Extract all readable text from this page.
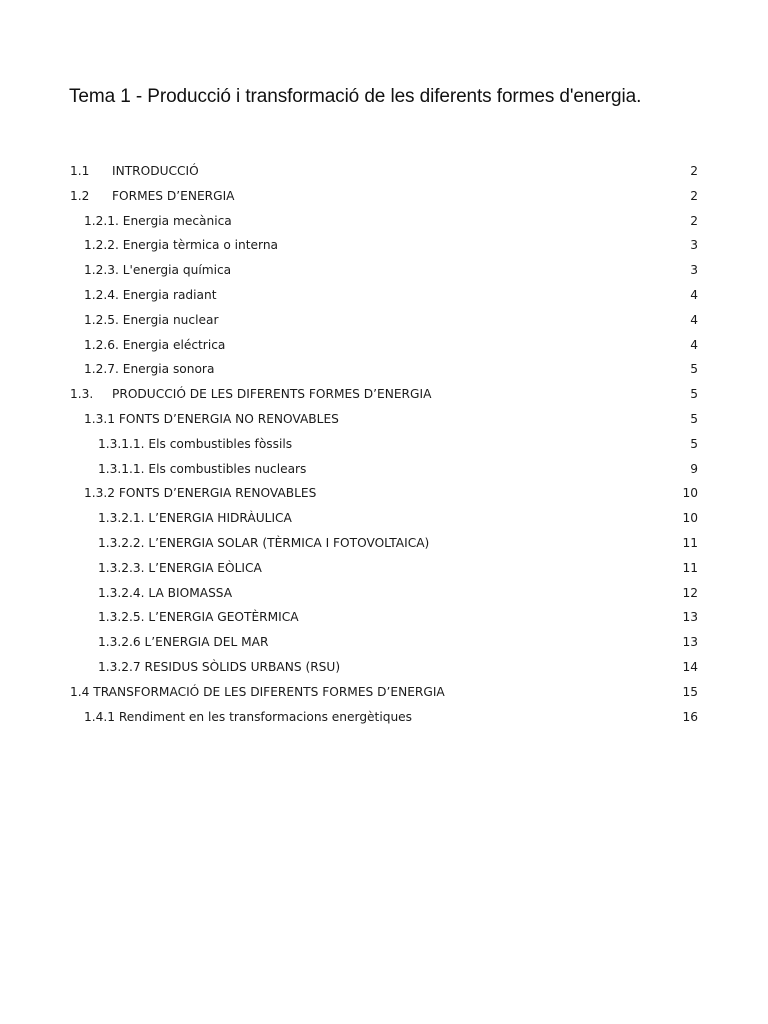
Tema 1 - Producció i transformació de les diferents formes d'energia.
1.1 INTRODUCCIÓ	2
1.2 FORMES D’ENERGIA	2
1.2.1. Energia mecànica	2
1.2.2. Energia tèrmica o interna	3
1.2.3. L'energia química	3
1.2.4. Energia radiant	4
1.2.5. Energia nuclear	4
1.2.6. Energia eléctrica	4
1.2.7. Energia sonora	5
1.3. PRODUCCIÓ DE LES DIFERENTS FORMES D’ENERGIA	5
1.3.1 FONTS D’ENERGIA NO RENOVABLES	5
1.3.1.1. Els combustibles fòssils	5
1.3.1.1. Els combustibles nuclears	9
1.3.2 FONTS D’ENERGIA RENOVABLES	10
1.3.2.1. L’ENERGIA HIDRÀULICA	10
1.3.2.2. L’ENERGIA SOLAR (TÈRMICA I FOTOVOLTAICA)	11
1.3.2.3. L’ENERGIA EÒLICA	11
1.3.2.4. LA BIOMASSA	12
1.3.2.5. L’ENERGIA GEOTÈRMICA	13
1.3.2.6 L’ENERGIA DEL MAR	13
1.3.2.7 RESIDUS SÒLIDS URBANS (RSU)	14
1.4 TRANSFORMACIÓ DE LES DIFERENTS FORMES D’ENERGIA	15
1.4.1 Rendiment en les transformacions energètiques	16
